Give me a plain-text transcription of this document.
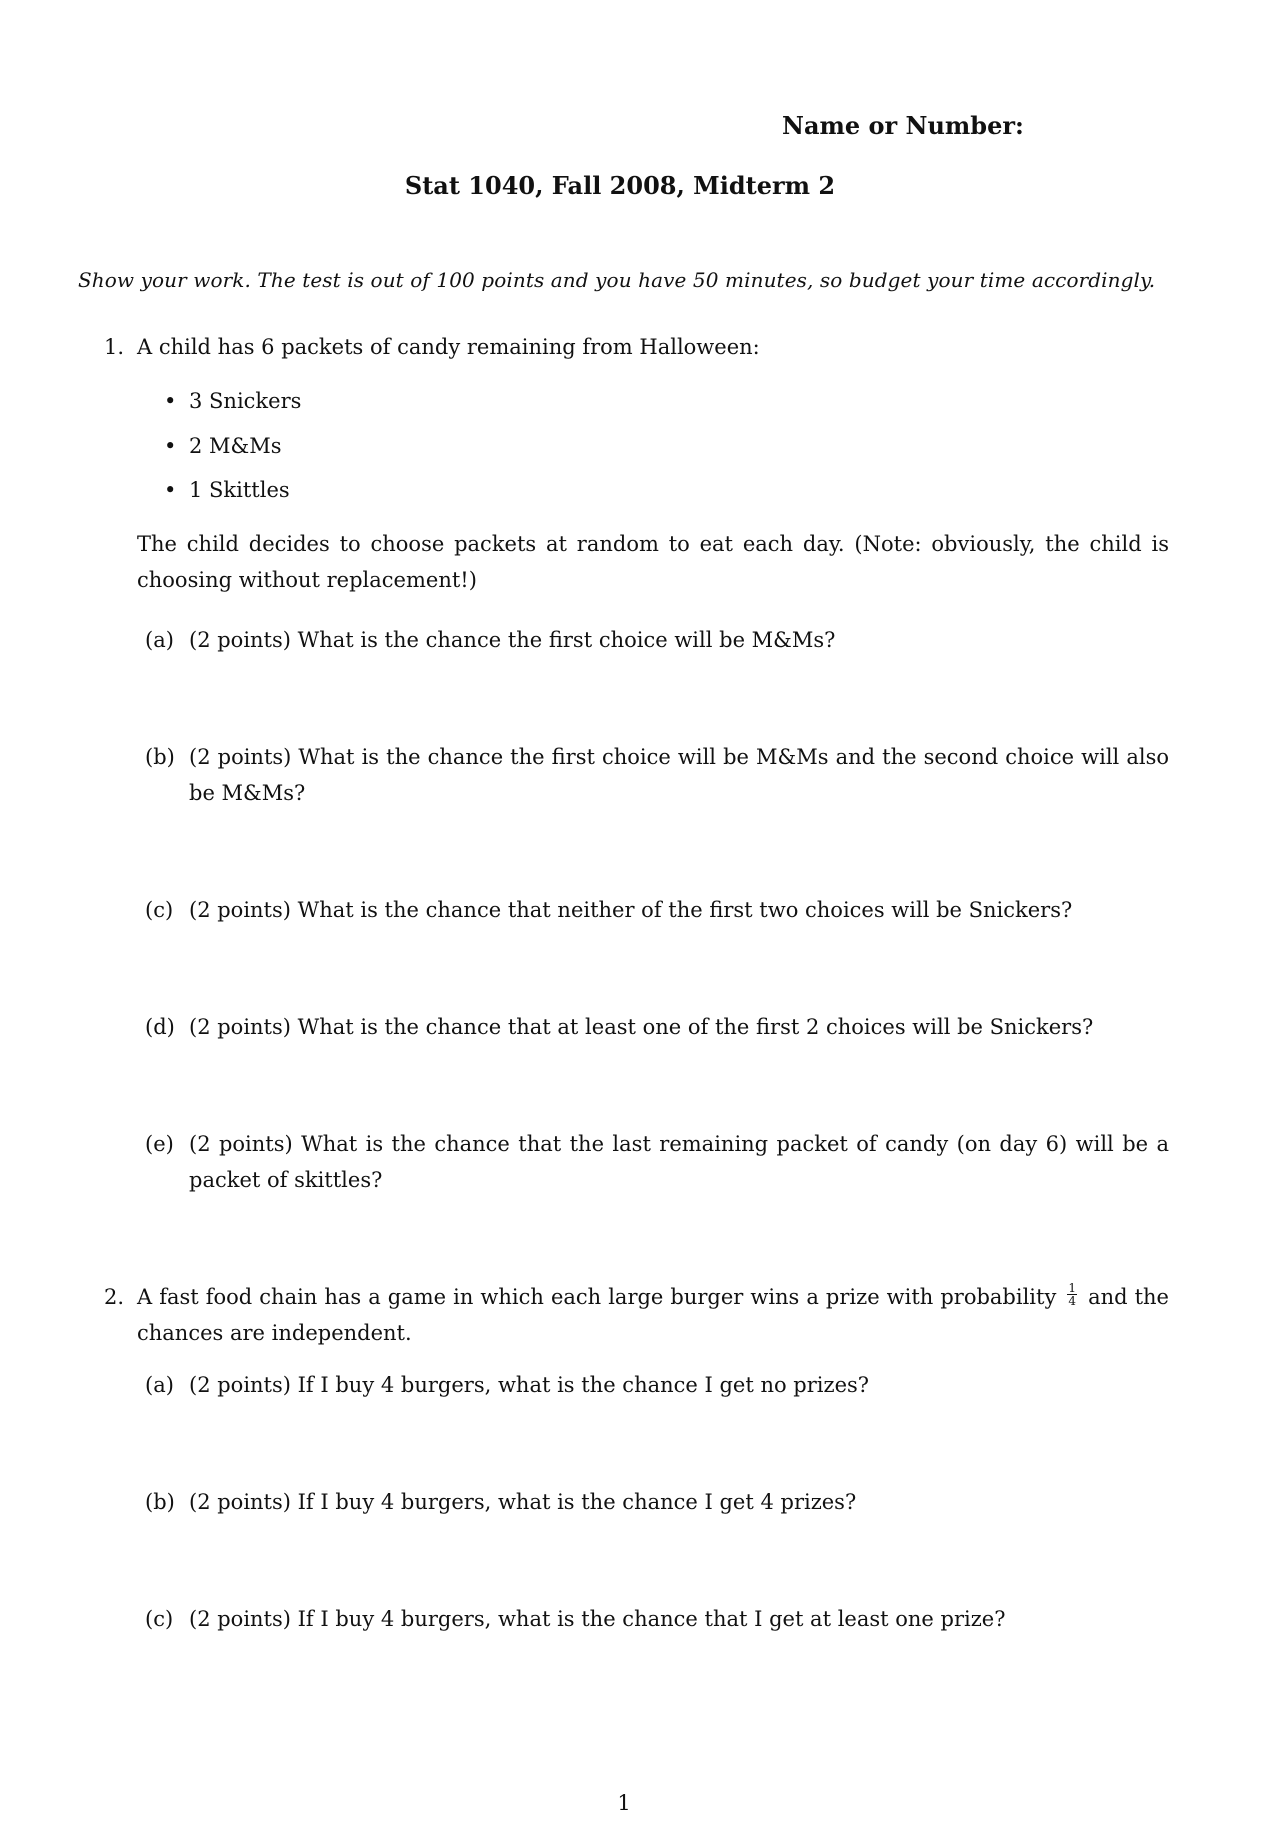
Name or Number:
Stat 1040, Fall 2008, Midterm 2
Show your work. The test is out of 100 points and you have 50 minutes, so budget your time accordingly.
1. A child has 6 packets of candy remaining from Halloween:
• 3 Snickers
• 2 M&Ms
• 1 Skittles
The child decides to choose packets at random to eat each day. (Note: obviously, the child is choosing without replacement!)
(a) (2 points) What is the chance the first choice will be M&Ms?
(b) (2 points) What is the chance the first choice will be M&Ms and the second choice will also be M&Ms?
(c) (2 points) What is the chance that neither of the first two choices will be Snickers?
(d) (2 points) What is the chance that at least one of the first 2 choices will be Snickers?
(e) (2 points) What is the chance that the last remaining packet of candy (on day 6) will be a packet of skittles?
2. A fast food chain has a game in which each large burger wins a prize with probability $\frac{1}{4}$ and the chances are independent.
(a) (2 points) If I buy 4 burgers, what is the chance I get no prizes?
(b) (2 points) If I buy 4 burgers, what is the chance I get 4 prizes?
(c) (2 points) If I buy 4 burgers, what is the chance that I get at least one prize?
1
